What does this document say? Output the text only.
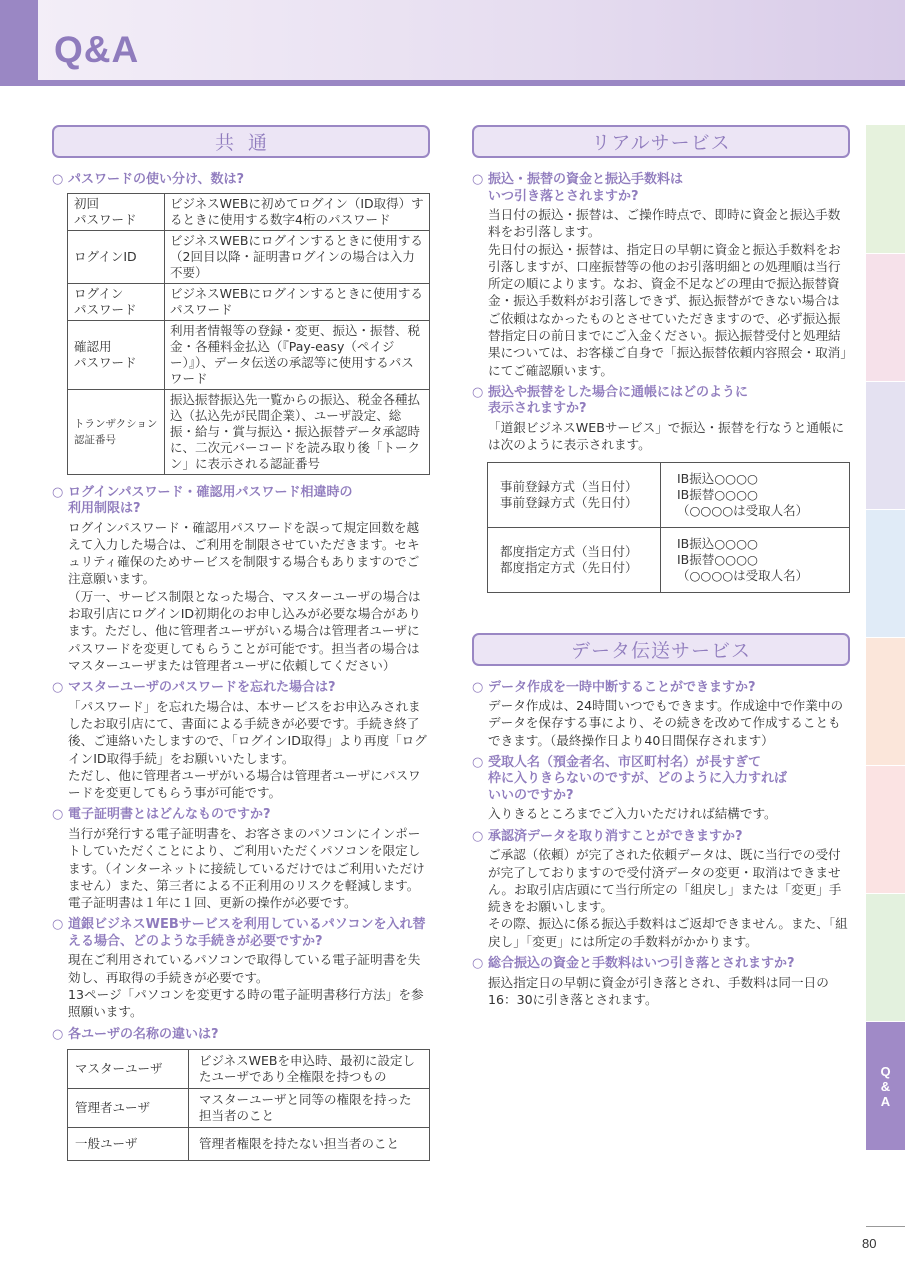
Q&A
Q
&
A
80
共通
○ パスワードの使い分け、数は?
初回
パスワード	ビジネスWEBに初めてログイン（ID取得）するときに使用する数字4桁のパスワード
ログインID	ビジネスWEBにログインするときに使用する（2回目以降・証明書ログインの場合は入力不要）
ログイン
パスワード	ビジネスWEBにログインするときに使用するパスワード
確認用
パスワード	利用者情報等の登録・変更、振込・振替、税金・各種料金払込（『Pay-easy（ペイジー）』）、データ伝送の承認等に使用するパスワード
トランザクション
認証番号	振込振替振込先一覧からの振込、税金各種払込（払込先が民間企業）、ユーザ設定、総振・給与・賞与振込・振込振替データ承認時に、二次元バーコードを読み取り後「トークン」に表示される認証番号
○ ログインパスワード・確認用パスワード相違時の
利用制限は?

ログインパスワード・確認用パスワードを誤って規定回数を越えて入力した場合は、ご利用を制限させていただきます。セキュリティ確保のためサービスを制限する場合もありますのでご注意願います。

（万一、サービス制限となった場合、マスターユーザの場合はお取引店にログインID初期化のお申し込みが必要な場合があります。ただし、他に管理者ユーザがいる場合は管理者ユーザにパスワードを変更してもらうことが可能です。担当者の場合はマスターユーザまたは管理者ユーザに依頼してください）

○ マスターユーザのパスワードを忘れた場合は?

「パスワード」を忘れた場合は、本サービスをお申込みされましたお取引店にて、書面による手続きが必要です。手続き終了後、ご連絡いたしますので、「ログインID取得」より再度「ログインID取得手続」をお願いいたします。

ただし、他に管理者ユーザがいる場合は管理者ユーザにパスワードを変更してもらう事が可能です。

○ 電子証明書とはどんなものですか?

当行が発行する電子証明書を、お客さまのパソコンにインポートしていただくことにより、ご利用いただくパソコンを限定します。（インターネットに接続しているだけではご利用いただけません）また、第三者による不正利用のリスクを軽減します。

電子証明書は１年に１回、更新の操作が必要です。

○ 道銀ビジネスWEBサービスを利用しているパソコンを入れ替える場合、どのような手続きが必要ですか?

現在ご利用されているパソコンで取得している電子証明書を失効し、再取得の手続きが必要です。

13ページ「パソコンを変更する時の電子証明書移行方法」を参照願います。

○ 各ユーザの名称の違いは?
マスターユーザ	ビジネスWEBを申込時、最初に設定したユーザであり全権限を持つもの
管理者ユーザ	マスターユーザと同等の権限を持った担当者のこと
一般ユーザ	管理者権限を持たない担当者のこと
リアルサービス
○ 振込・振替の資金と振込手数料は
いつ引き落とされますか?

当日付の振込・振替は、ご操作時点で、即時に資金と振込手数料をお引落します。

先日付の振込・振替は、指定日の早朝に資金と振込手数料をお引落しますが、口座振替等の他のお引落明細との処理順は当行所定の順によります。なお、資金不足などの理由で振込振替資金・振込手数料がお引落しできず、振込振替ができない場合はご依頼はなかったものとさせていただきますので、必ず振込振替指定日の前日までにご入金ください。振込振替受付と処理結果については、お客様ご自身で「振込振替依頼内容照会・取消」にてご確認願います。

○ 振込や振替をした場合に通帳にはどのように
表示されますか?

「道銀ビジネスWEBサービス」で振込・振替を行なうと通帳には次のように表示されます。

事前登録方式（当日付）
事前登録方式（先日付）	IB振込○○○○
IB振替○○○○
（○○○○は受取人名）
都度指定方式（当日付）
都度指定方式（先日付）	IB振込○○○○
IB振替○○○○
（○○○○は受取人名）
データ伝送サービス
○ データ作成を一時中断することができますか?

データ作成は、24時間いつでもできます。作成途中で作業中のデータを保存する事により、その続きを改めて作成することもできます。（最終操作日より40日間保存されます）

○ 受取人名（預金者名、市区町村名）が長すぎて
枠に入りきらないのですが、どのように入力すれば
いいのですか?

入りきるところまでご入力いただければ結構です。

○ 承認済データを取り消すことができますか?

ご承認（依頼）が完了された依頼データは、既に当行での受付が完了しておりますので受付済データの変更・取消はできません。お取引店店頭にて当行所定の「組戻し」または「変更」手続きをお願いします。

その際、振込に係る振込手数料はご返却できません。また、「組戻し」「変更」には所定の手数料がかかります。

○ 総合振込の資金と手数料はいつ引き落とされますか?

振込指定日の早朝に資金が引き落とされ、手数料は同一日の16：30に引き落とされます。
